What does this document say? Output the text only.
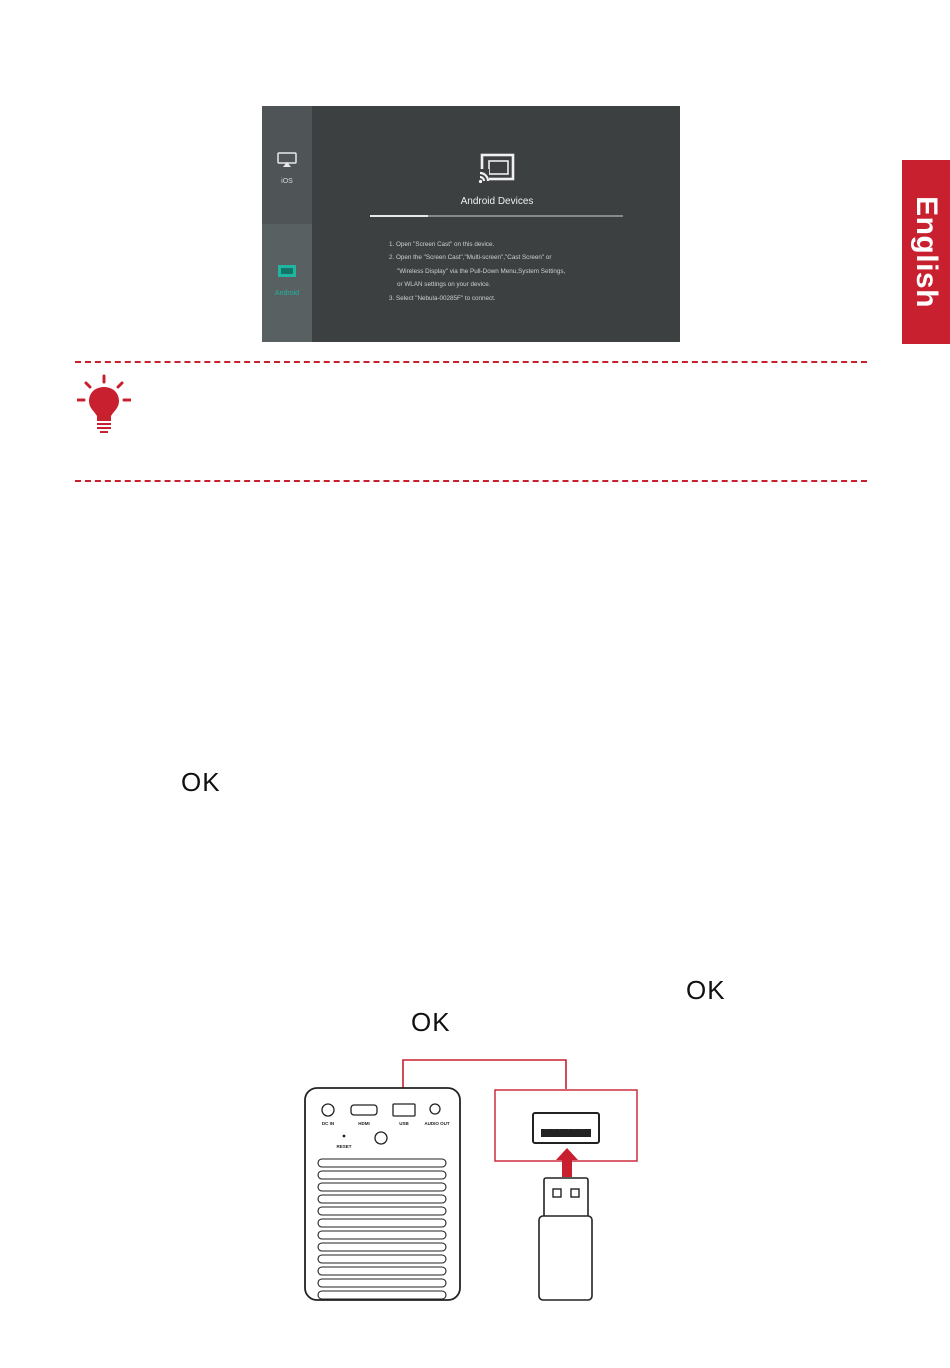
English
iOS
Android
Android Devices
1. Open "Screen Cast" on this device.
2. Open the "Screen Cast","Multi-screen","Cast Screen" or
"Wireless Display" via the Pull-Down Menu,System Settings,
or WLAN settings on your device.
3. Select "Nebula-00285F" to connect.
OK
OK
OK
DC IN	HDMI	USB	AUDIO OUT
RESET
